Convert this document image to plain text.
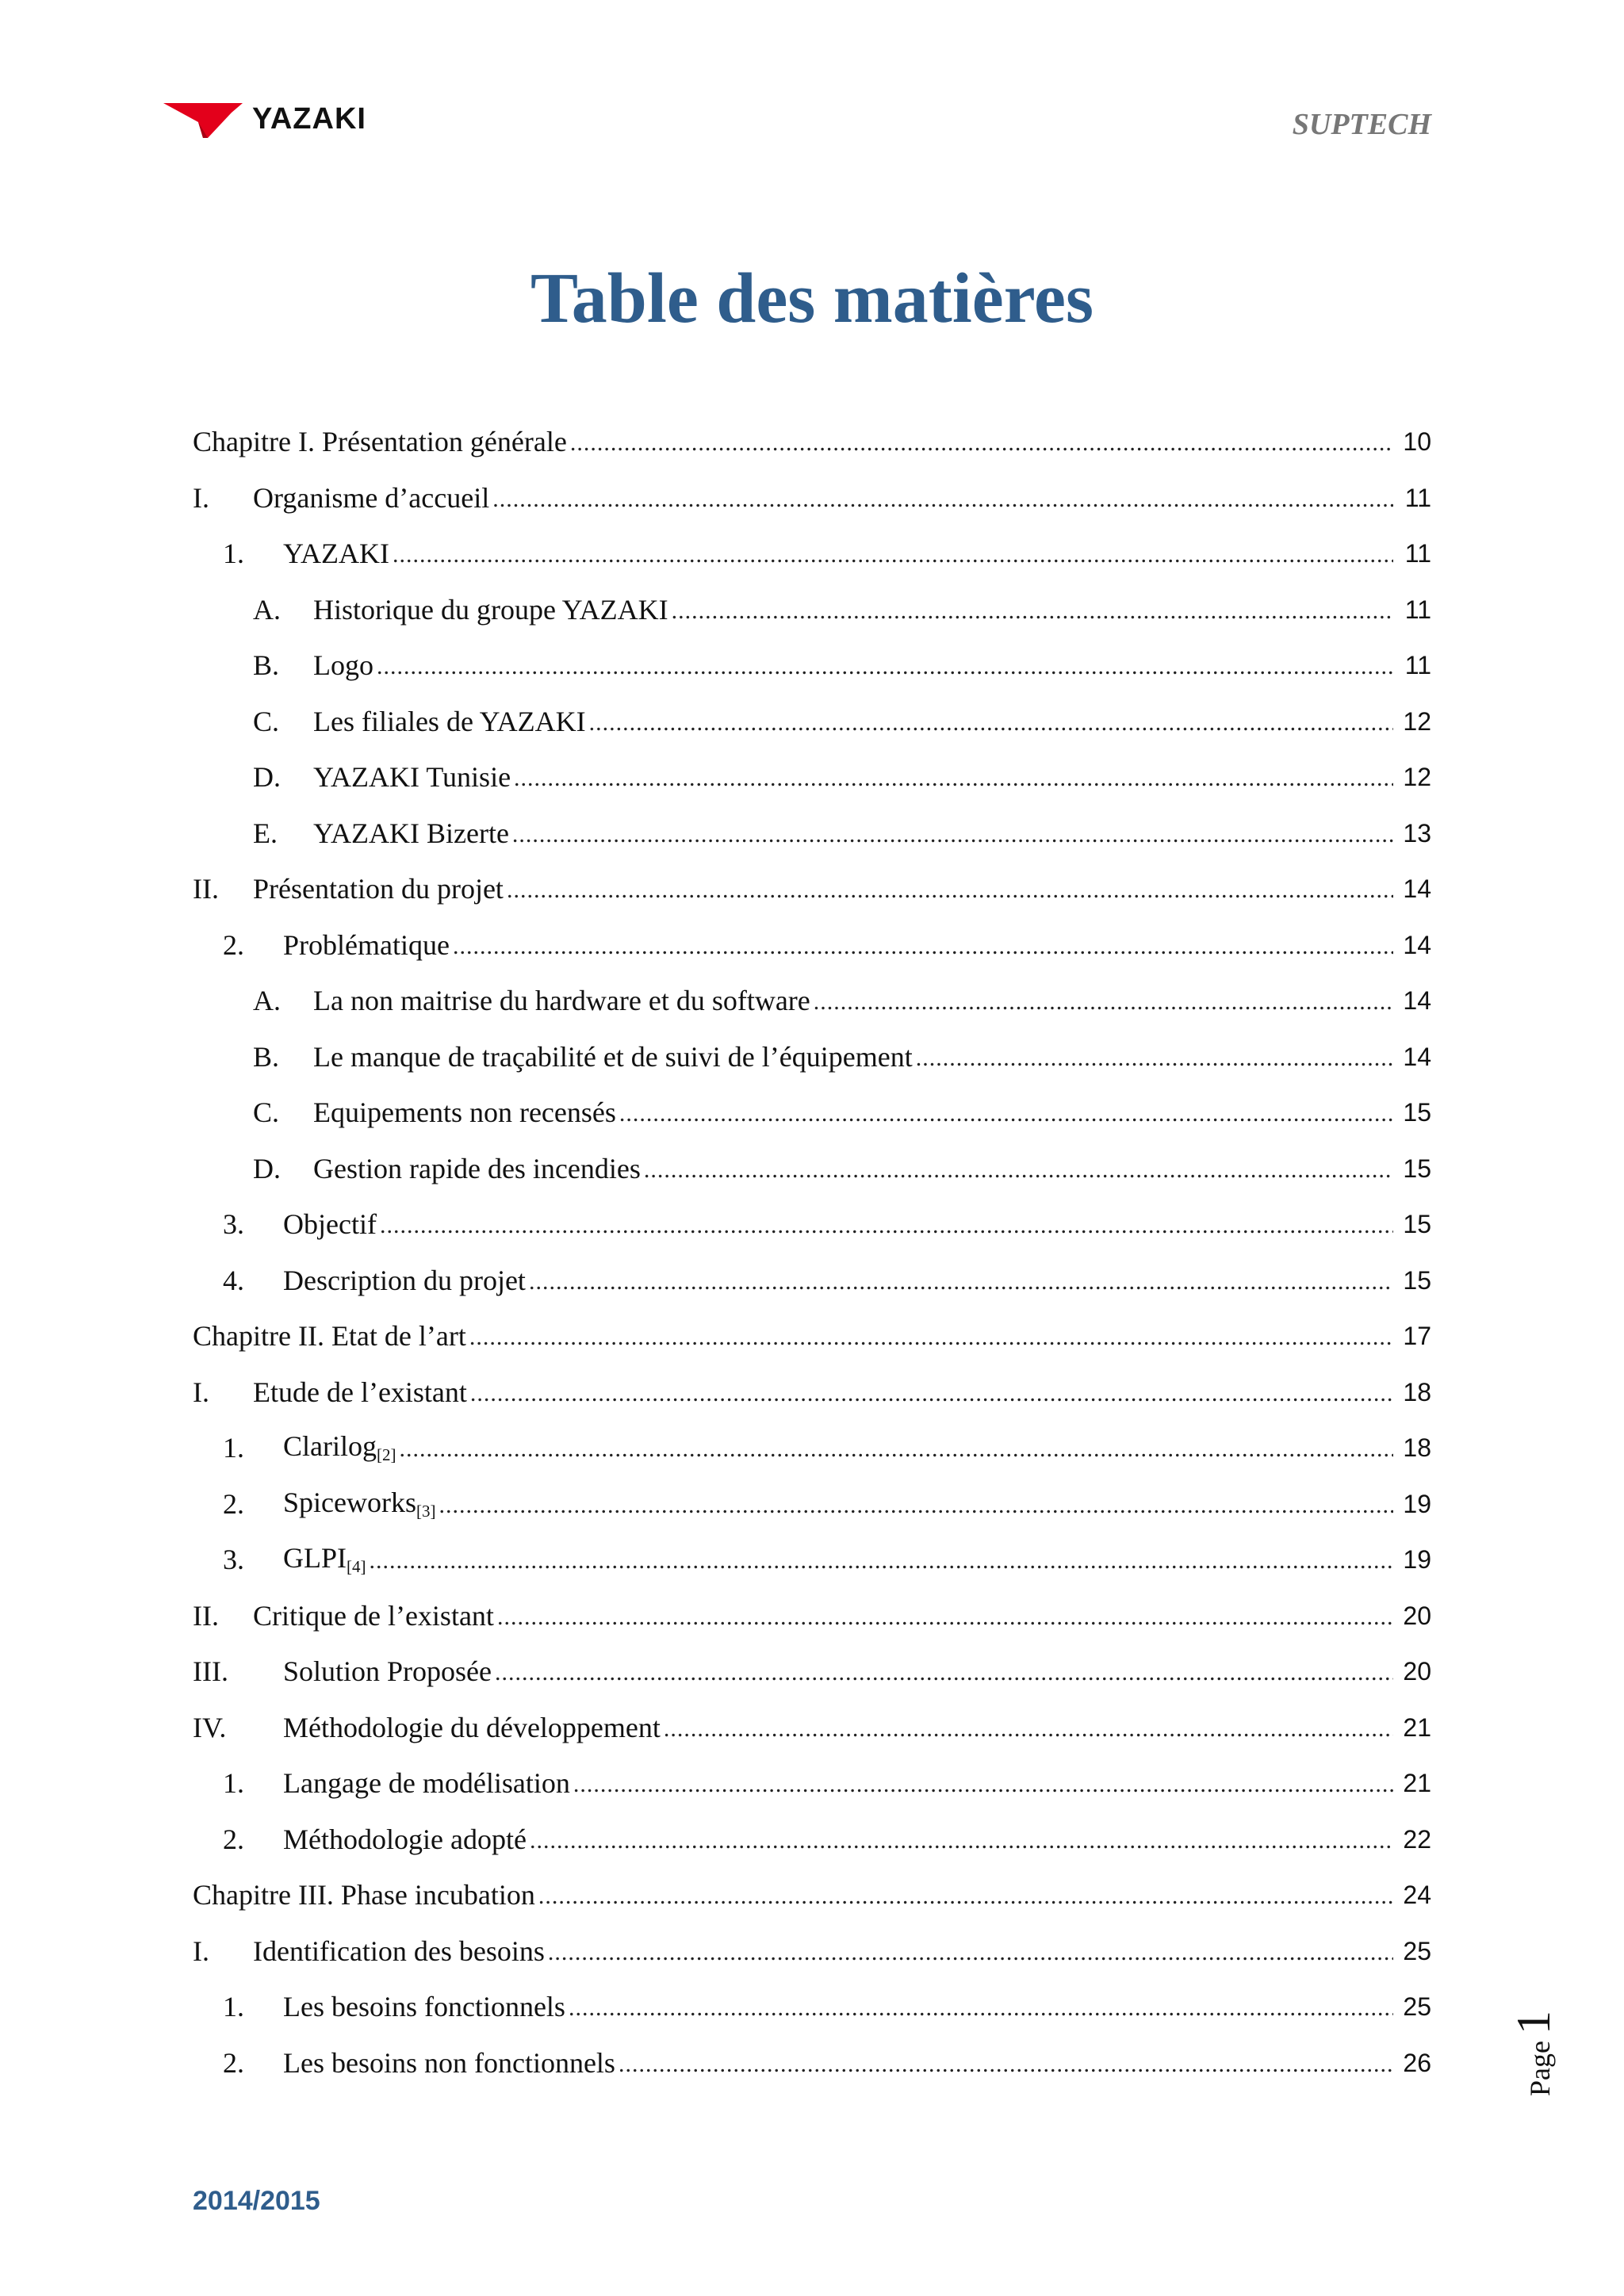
YAZAKI	SUPTECH
Table des matières
Chapitre I. Présentation générale .....	10
I.	Organisme d’accueil .....	11
1.	YAZAKI .....	11
A.	Historique du groupe YAZAKI .....	11
B.	Logo .....	11
C.	Les filiales de YAZAKI .....	12
D.	YAZAKI Tunisie .....	12
E.	YAZAKI Bizerte .....	13
II.	Présentation du projet .....	14
2.	Problématique .....	14
A.	La non maitrise du hardware et du software .....	14
B.	Le manque de traçabilité et de suivi de l’équipement .....	14
C.	Equipements non recensés .....	15
D.	Gestion rapide des incendies .....	15
3.	Objectif .....	15
4.	Description du projet .....	15
Chapitre II. Etat de l’art .....	17
I.	Etude de l’existant .....	18
1.	Clarilog$_{[2]}$ .....	18
2.	Spiceworks$_{[3]}$ .....	19
3.	$GLPI_{[4]}$ .....	19
II.	Critique de l’existant .....	20
III.	Solution Proposée .....	20
IV.	Méthodologie du développement .....	21
1.	Langage de modélisation .....	21
2.	Méthodologie adopté .....	22
Chapitre III. Phase incubation .....	24
I.	Identification des besoins .....	25
1.	Les besoins fonctionnels .....	25
2.	Les besoins non fonctionnels .....	26
2014/2015
Page
1
